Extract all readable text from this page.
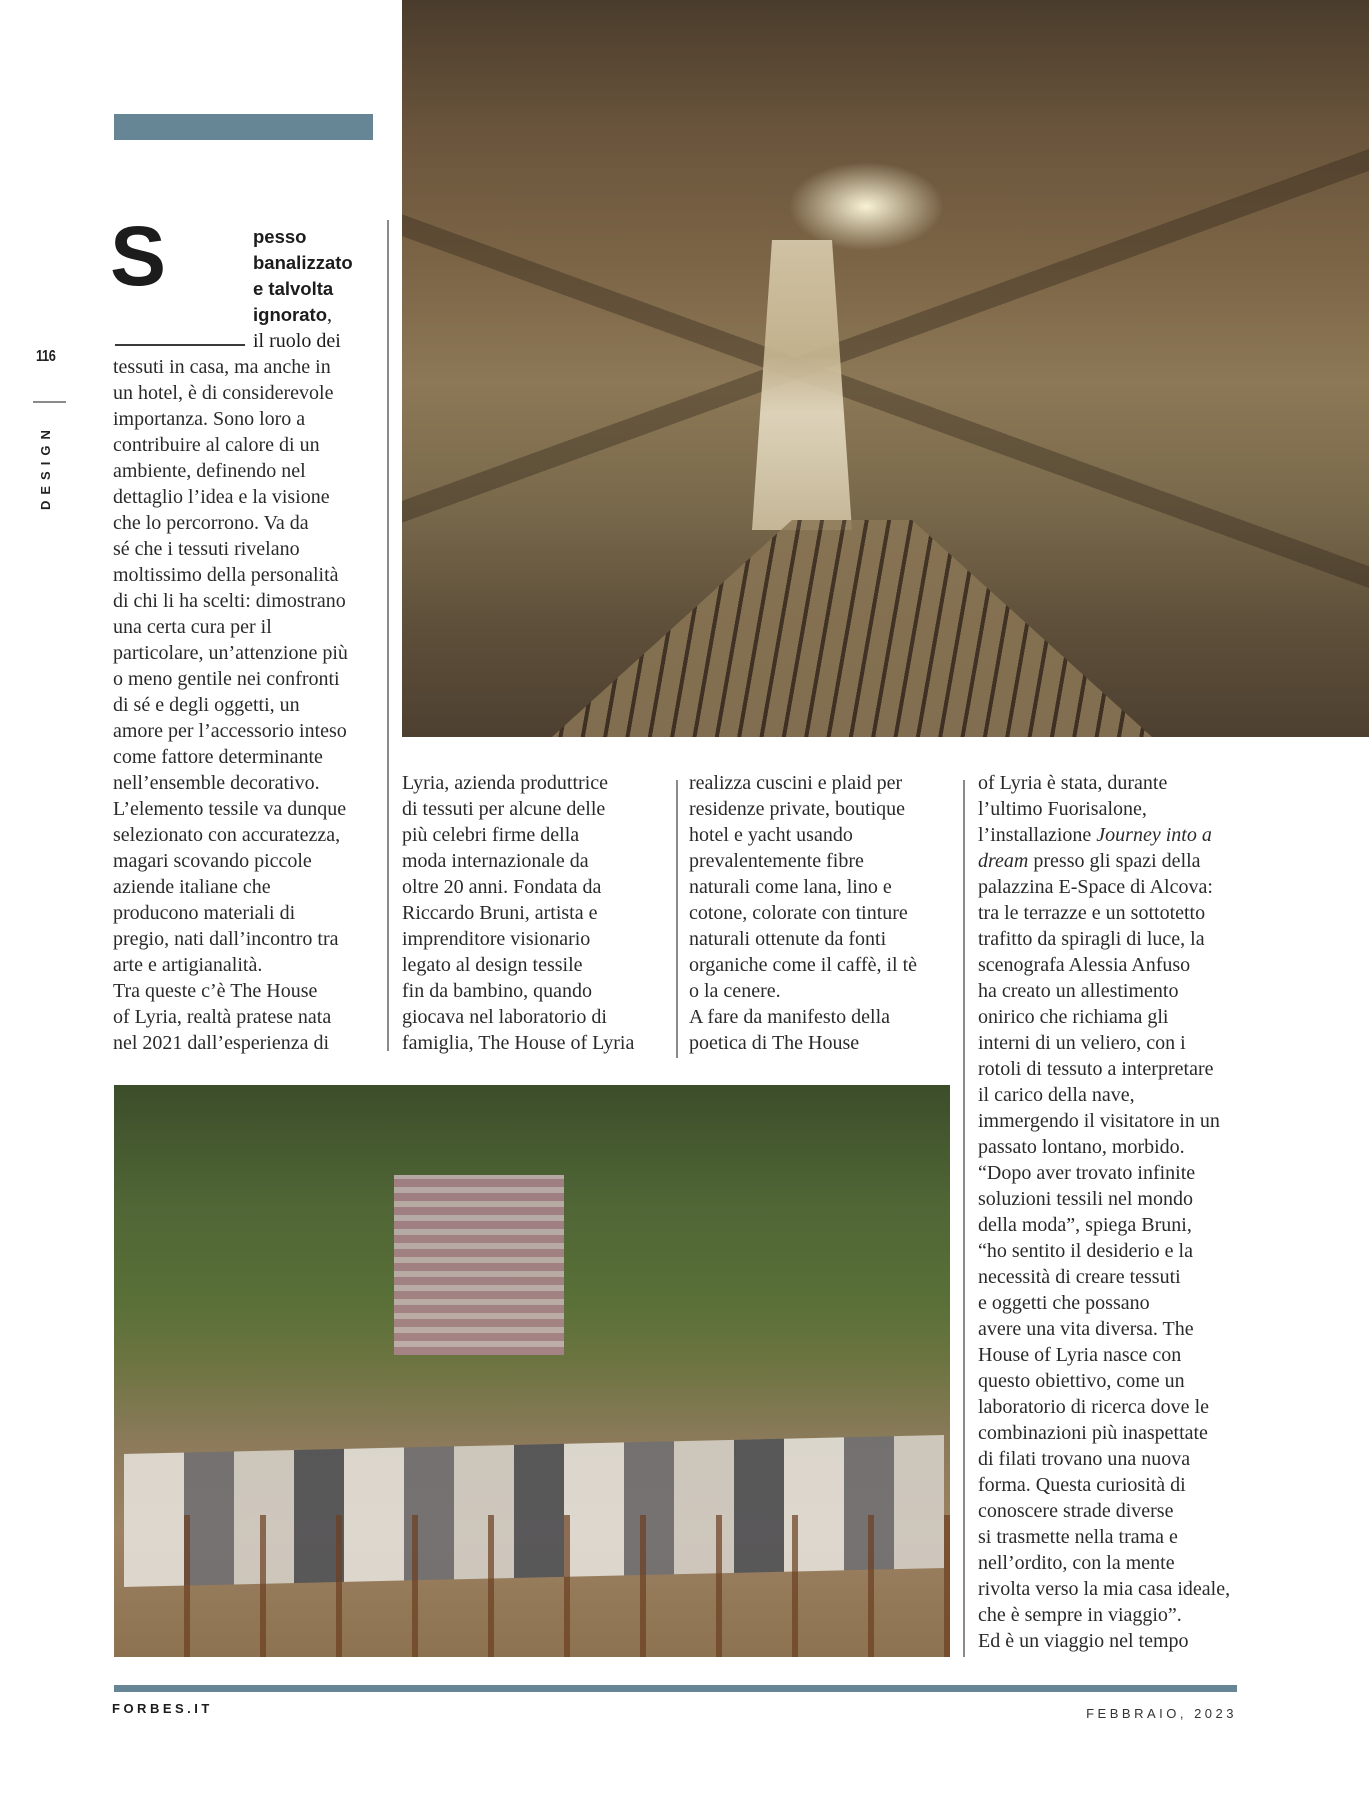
116
DESIGN
S	pesso
banalizzato
e talvolta
ignorato,
il ruolo dei
tessuti in casa, ma anche in
un hotel, è di considerevole
importanza. Sono loro a
contribuire al calore di un
ambiente, definendo nel
dettaglio l’idea e la visione
che lo percorrono. Va da
sé che i tessuti rivelano
moltissimo della personalità
di chi li ha scelti: dimostrano
una certa cura per il
particolare, un’attenzione più
o meno gentile nei confronti
di sé e degli oggetti, un
amore per l’accessorio inteso
come fattore determinante
nell’ensemble decorativo.
L’elemento tessile va dunque
selezionato con accuratezza,
magari scovando piccole
aziende italiane che
producono materiali di
pregio, nati dall’incontro tra
arte e artigianalità.
Tra queste c’è The House
of Lyria, realtà pratese nata
nel 2021 dall’esperienza di
Lyria, azienda produttrice
di tessuti per alcune delle
più celebri firme della
moda internazionale da
oltre 20 anni. Fondata da
Riccardo Bruni, artista e
imprenditore visionario
legato al design tessile
fin da bambino, quando
giocava nel laboratorio di
famiglia, The House of Lyria
realizza cuscini e plaid per
residenze private, boutique
hotel e yacht usando
prevalentemente fibre
naturali come lana, lino e
cotone, colorate con tinture
naturali ottenute da fonti
organiche come il caffè, il tè
o la cenere.
A fare da manifesto della
poetica di The House
of Lyria è stata, durante
l’ultimo Fuorisalone,
l’installazione Journey into a
dream presso gli spazi della
palazzina E-Space di Alcova:
tra le terrazze e un sottotetto
trafitto da spiragli di luce, la
scenografa Alessia Anfuso
ha creato un allestimento
onirico che richiama gli
interni di un veliero, con i
rotoli di tessuto a interpretare
il carico della nave,
immergendo il visitatore in un
passato lontano, morbido.
“Dopo aver trovato infinite
soluzioni tessili nel mondo
della moda”, spiega Bruni,
“ho sentito il desiderio e la
necessità di creare tessuti
e oggetti che possano
avere una vita diversa. The
House of Lyria nasce con
questo obiettivo, come un
laboratorio di ricerca dove le
combinazioni più inaspettate
di filati trovano una nuova
forma. Questa curiosità di
conoscere strade diverse
si trasmette nella trama e
nell’ordito, con la mente
rivolta verso la mia casa ideale,
che è sempre in viaggio”.
Ed è un viaggio nel tempo
FORBES.IT	FEBBRAIO, 2023
